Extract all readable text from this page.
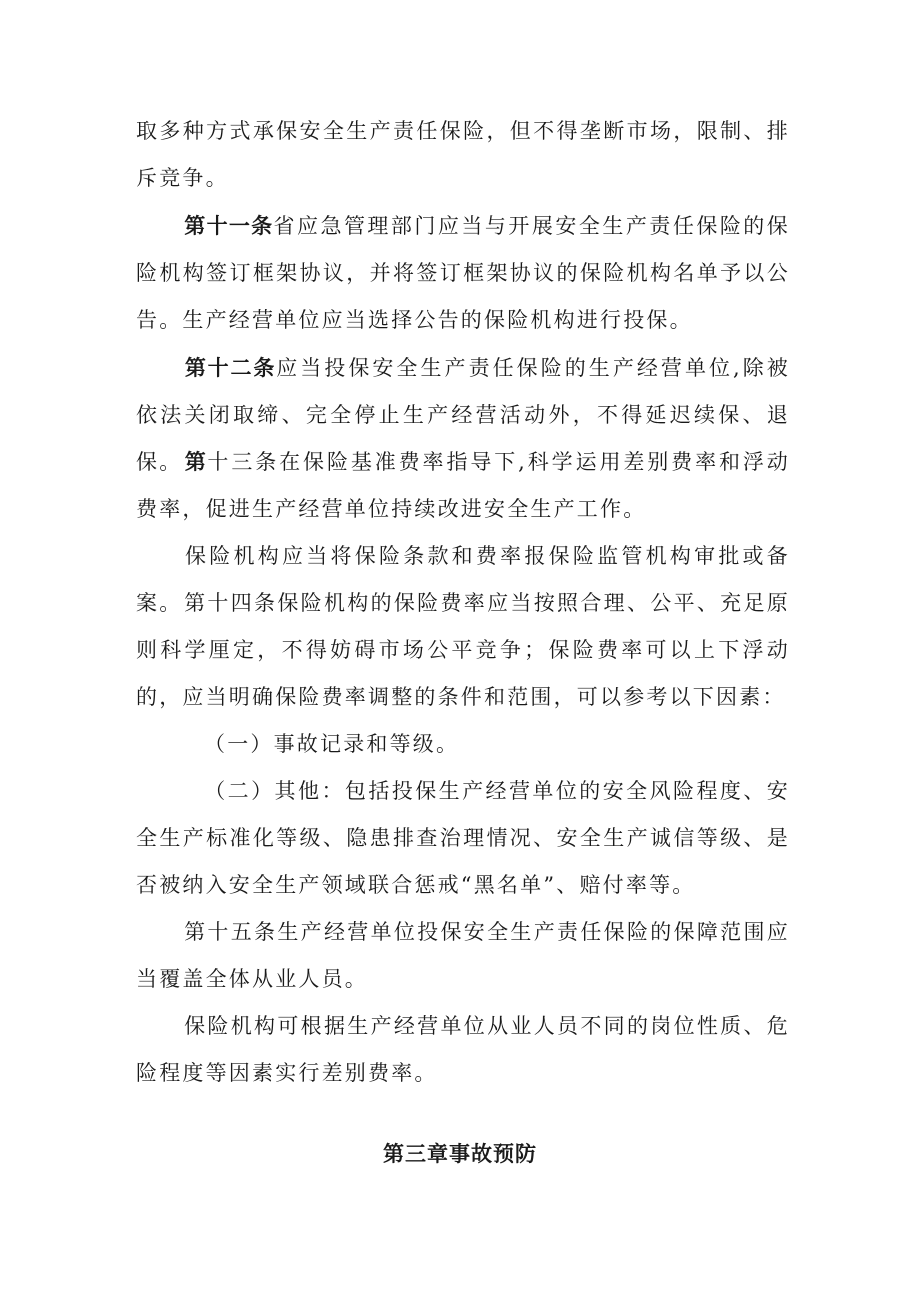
取多种方式承保安全生产责任保险，但不得垄断市场，限制、排斥竞争。

第十一条省应急管理部门应当与开展安全生产责任保险的保险机构签订框架协议，并将签订框架协议的保险机构名单予以公告。生产经营单位应当选择公告的保险机构进行投保。

第十二条应当投保安全生产责任保险的生产经营单位,除被依法关闭取缔、完全停止生产经营活动外，不得延迟续保、退保。 第十三条在保险基准费率指导下,科学运用差别费率和浮动费率，促进生产经营单位持续改进安全生产工作。

保险机构应当将保险条款和费率报保险监管机构审批或备案。 第十四条保险机构的保险费率应当按照合理、公平、充足原则科学厘定，不得妨碍市场公平竞争；保险费率可以上下浮动的，应当明确保险费率调整的条件和范围，可以参考以下因素：

（一）事故记录和等级。

（二）其他：包括投保生产经营单位的安全风险程度、安全生产标准化等级、隐患排查治理情况、安全生产诚信等级、是否被纳入安全生产领域联合惩戒“黑名单”、赔付率等。

第十五条生产经营单位投保安全生产责任保险的保障范围应当覆盖全体从业人员。

保险机构可根据生产经营单位从业人员不同的岗位性质、危险程度等因素实行差别费率。

第三章事故预防
